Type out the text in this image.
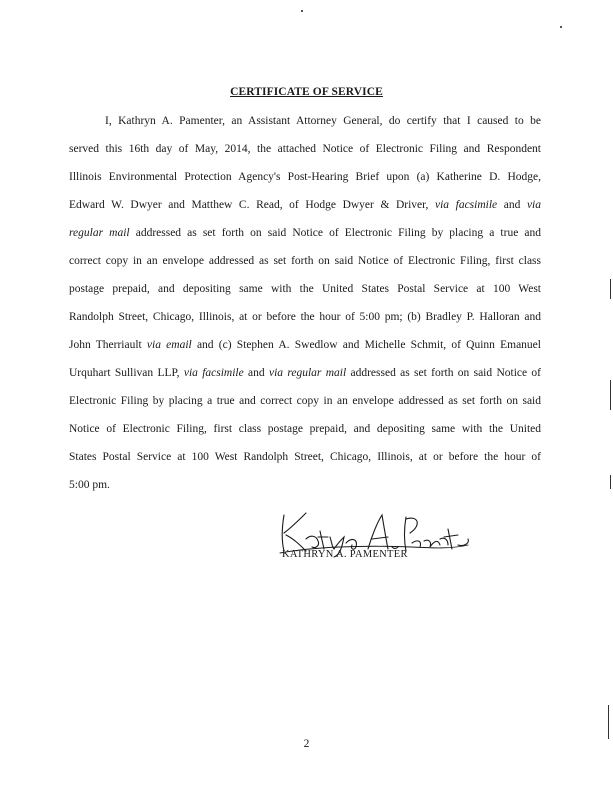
CERTIFICATE OF SERVICE
I, Kathryn A. Pamenter, an Assistant Attorney General, do certify that I caused to be
served this 16th day of May, 2014, the attached Notice of Electronic Filing and Respondent
Illinois Environmental Protection Agency's Post-Hearing Brief upon (a) Katherine D. Hodge,
Edward W. Dwyer and Matthew C. Read, of Hodge Dwyer & Driver, via facsimile and via
regular mail addressed as set forth on said Notice of Electronic Filing by placing a true and
correct copy in an envelope addressed as set forth on said Notice of Electronic Filing, first class
postage prepaid, and depositing same with the United States Postal Service at 100 West
Randolph Street, Chicago, Illinois, at or before the hour of 5:00 pm; (b) Bradley P. Halloran and
John Therriault via email and (c) Stephen A. Swedlow and Michelle Schmit, of Quinn Emanuel
Urquhart Sullivan LLP, via facsimile and via regular mail addressed as set forth on said Notice of
Electronic Filing by placing a true and correct copy in an envelope addressed as set forth on said
Notice of Electronic Filing, first class postage prepaid, and depositing same with the United
States Postal Service at 100 West Randolph Street, Chicago, Illinois, at or before the hour of
5:00 pm.
KATHRYN A. PAMENTER
2
